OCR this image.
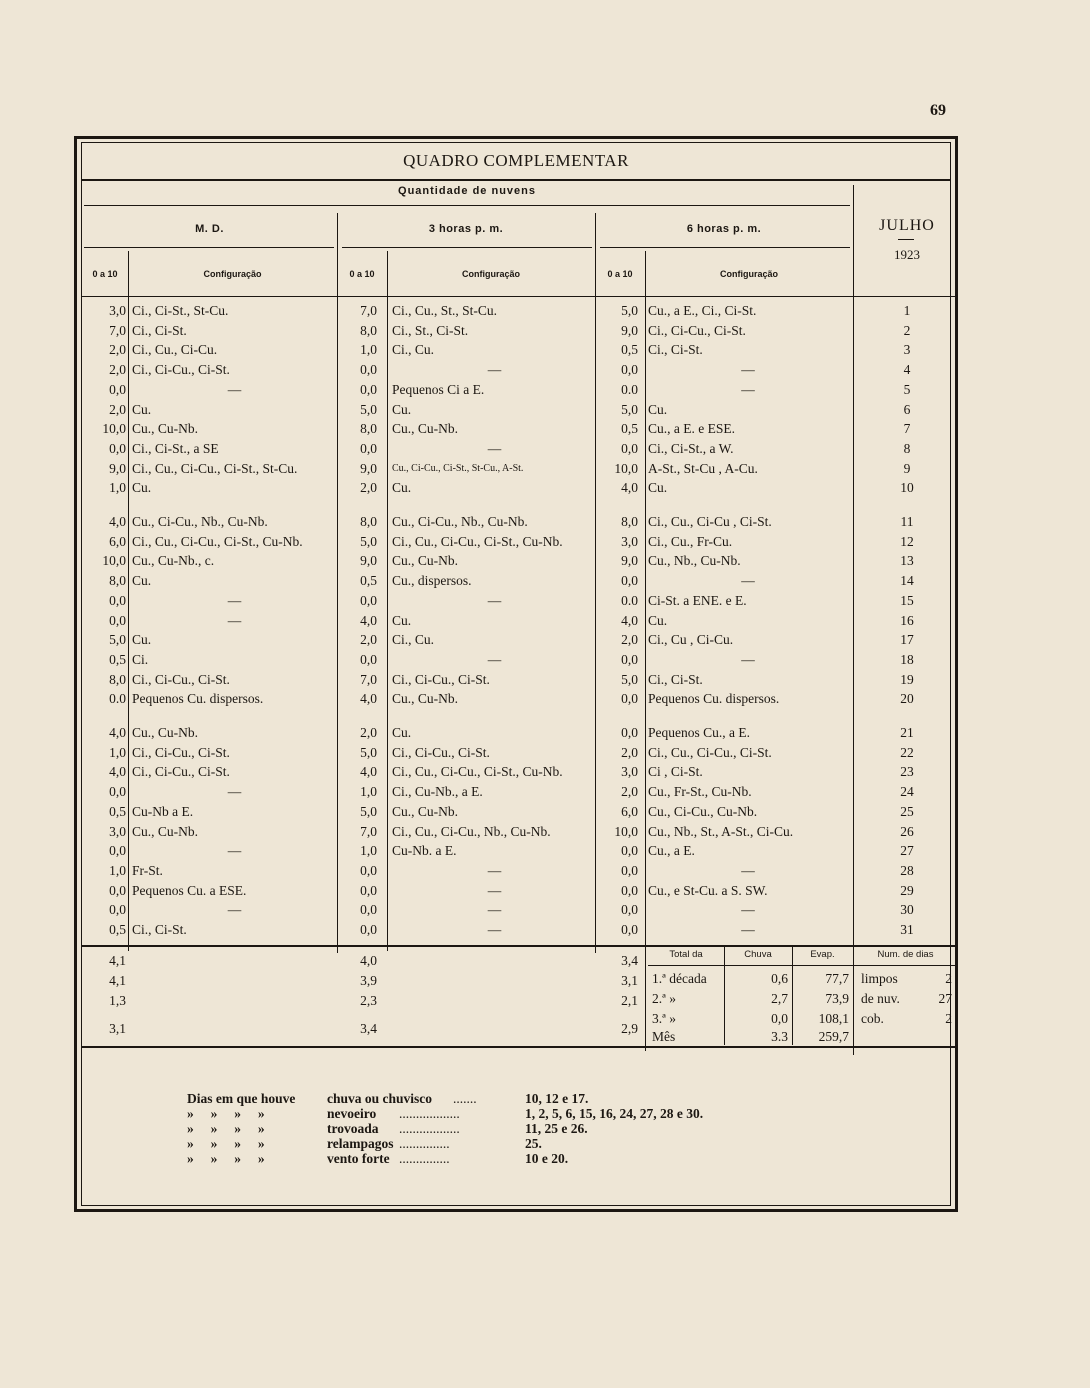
69
QUADRO COMPLEMENTAR
Quantidade de nuvens
M. D.	3 horas p. m.	6 horas p. m.
0 a 10	Configuração	0 a 10	Configuração	0 a 10	Configuração
JULHO
1923
3,0 Ci., Ci-St., St-Cu.	7,0 Ci., Cu., St., St-Cu.	5,0 Cu., a E., Ci., Ci-St.	1
7,0 Ci., Ci-St.	8,0 Ci., St., Ci-St.	9,0 Ci., Ci-Cu., Ci-St.	2
2,0 Ci., Cu., Ci-Cu.	1,0 Ci., Cu.	0,5 Ci., Ci-St.	3
2,0 Ci., Ci-Cu., Ci-St.	0,0	—	0,0	—	4
0,0	—	0,0 Pequenos Ci a E.	0.0	—	5
2,0 Cu.	5,0 Cu.	5,0 Cu.	6
10,0 Cu., Cu-Nb.	8,0 Cu., Cu-Nb.	0,5 Cu., a E. e ESE.	7
0,0 Ci., Ci-St., a SE	0,0	—	0,0 Ci., Ci-St., a W.	8
9,0 Ci., Cu., Ci-Cu., Ci-St., St-Cu.	9,0 Cu., Ci-Cu., Ci-St., St-Cu., A-St.	10,0 A-St., St-Cu , A-Cu.	9
1,0 Cu.	2,0 Cu.	4,0 Cu.	10
4,0 Cu., Ci-Cu., Nb., Cu-Nb.	8,0 Cu., Ci-Cu., Nb., Cu-Nb.	8,0 Ci., Cu., Ci-Cu , Ci-St.	11
6,0 Ci., Cu., Ci-Cu., Ci-St., Cu-Nb.	5,0 Ci., Cu., Ci-Cu., Ci-St., Cu-Nb.	3,0 Ci., Cu., Fr-Cu.	12
10,0 Cu., Cu-Nb., c.	9,0 Cu., Cu-Nb.	9,0 Cu., Nb., Cu-Nb.	13
8,0 Cu.	0,5 Cu., dispersos.	0,0	—	14
0,0	—	0,0	—	0.0 Ci-St. a ENE. e E.	15
0,0	—	4,0 Cu.	4,0 Cu.	16
5,0 Cu.	2,0 Ci., Cu.	2,0 Ci., Cu , Ci-Cu.	17
0,5 Ci.	0,0	—	0,0	—	18
8,0 Ci., Ci-Cu., Ci-St.	7,0 Ci., Ci-Cu., Ci-St.	5,0 Ci., Ci-St.	19
0.0 Pequenos Cu. dispersos.	4,0 Cu., Cu-Nb.	0,0 Pequenos Cu. dispersos.	20
4,0 Cu., Cu-Nb.	2,0 Cu.	0,0 Pequenos Cu., a E.	21
1,0 Ci., Ci-Cu., Ci-St.	5,0 Ci., Ci-Cu., Ci-St.	2,0 Ci., Cu., Ci-Cu., Ci-St.	22
4,0 Ci., Ci-Cu., Ci-St.	4,0 Ci., Cu., Ci-Cu., Ci-St., Cu-Nb.	3,0 Ci , Ci-St.	23
0,0	—	1,0 Ci., Cu-Nb., a E.	2,0 Cu., Fr-St., Cu-Nb.	24
0,5 Cu-Nb a E.	5,0 Cu., Cu-Nb.	6,0 Cu., Ci-Cu., Cu-Nb.	25
3,0 Cu., Cu-Nb.	7,0 Ci., Cu., Ci-Cu., Nb., Cu-Nb.	10,0 Cu., Nb., St., A-St., Ci-Cu.	26
0,0	—	1,0 Cu-Nb. a E.	0,0 Cu., a E.	27
1,0 Fr-St.	0,0	—	0,0	—	28
0,0 Pequenos Cu. a ESE.	0,0	—	0,0 Cu., e St-Cu. a S. SW.	29
0,0	—	0,0	—	0,0	—	30
0,5 Ci., Ci-St.	0,0	—	0,0	—	31
Total da	Chuva	Evap.	Num. de dias
4,1	4,0	3,4
4,1	3,9	3,1
1,3	2,3	2,1
3,1	3,4	2,9
1.ª década	0,6	77,7 limpos	2
2.ª »	2,7	73,9 de nuv.	27
3.ª »	0,0	108,1 cob.	2
Mês	3.3	259,7
Dias em que houve chuva ou chuvisco .......	10, 12 e 17.
»     »     »     »	nevoeiro ..................	1, 2, 5, 6, 15, 16, 24, 27, 28 e 30.
»     »     »     »	trovoada ..................	11, 25 e 26.
»     »     »     »	relampagos ...............	25.
»     »     »     »	vento forte ...............	10 e 20.
